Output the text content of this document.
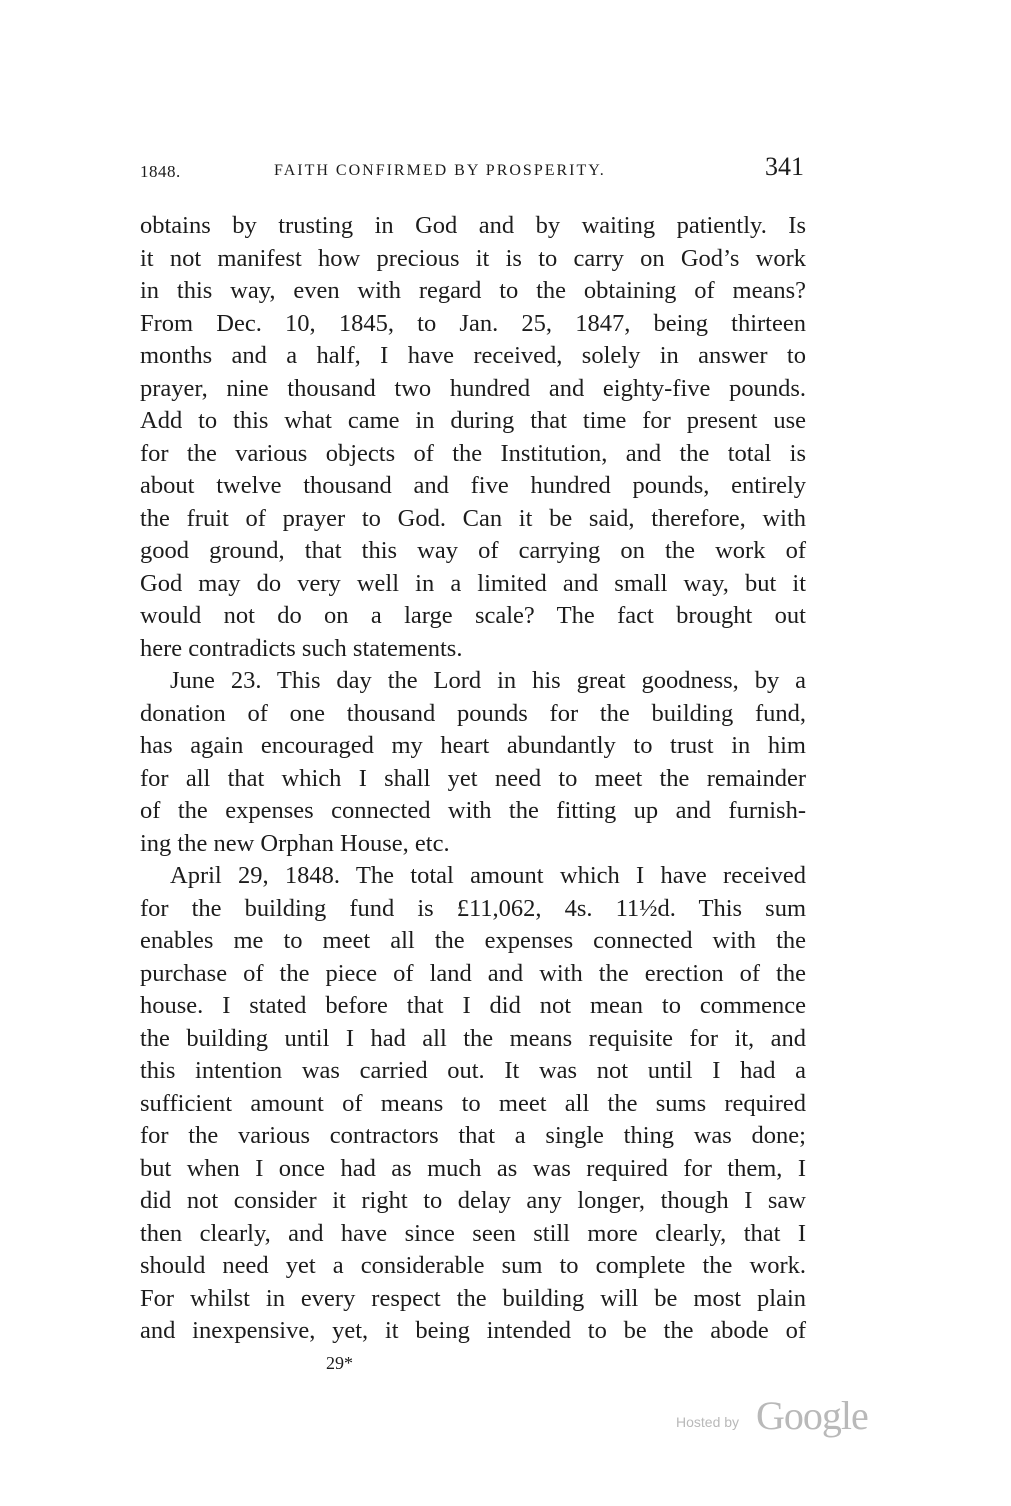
1848.	FAITH CONFIRMED BY PROSPERITY.	341

obtains by trusting in God and by waiting patiently. Is
it not manifest how precious it is to carry on God’s work
in this way, even with regard to the obtaining of means?
From Dec. 10, 1845, to Jan. 25, 1847, being thirteen
months and a half, I have received, solely in answer to
prayer, nine thousand two hundred and eighty-five pounds.
Add to this what came in during that time for present use
for the various objects of the Institution, and the total is
about twelve thousand and five hundred pounds, entirely
the fruit of prayer to God. Can it be said, therefore, with
good ground, that this way of carrying on the work of
God may do very well in a limited and small way, but it
would not do on a large scale? The fact brought out
here contradicts such statements.

June 23. This day the Lord in his great goodness, by a
donation of one thousand pounds for the building fund,
has again encouraged my heart abundantly to trust in him
for all that which I shall yet need to meet the remainder
of the expenses connected with the fitting up and furnish-
ing the new Orphan House, etc.

April 29, 1848. The total amount which I have received
for the building fund is £11,062, 4s. 11½d. This sum
enables me to meet all the expenses connected with the
purchase of the piece of land and with the erection of the
house. I stated before that I did not mean to commence
the building until I had all the means requisite for it, and
this intention was carried out. It was not until I had a
sufficient amount of means to meet all the sums required
for the various contractors that a single thing was done;
but when I once had as much as was required for them, I
did not consider it right to delay any longer, though I saw
then clearly, and have since seen still more clearly, that I
should need yet a considerable sum to complete the work.
For whilst in every respect the building will be most plain
and inexpensive, yet, it being intended to be the abode of

29*
Hosted by Google
